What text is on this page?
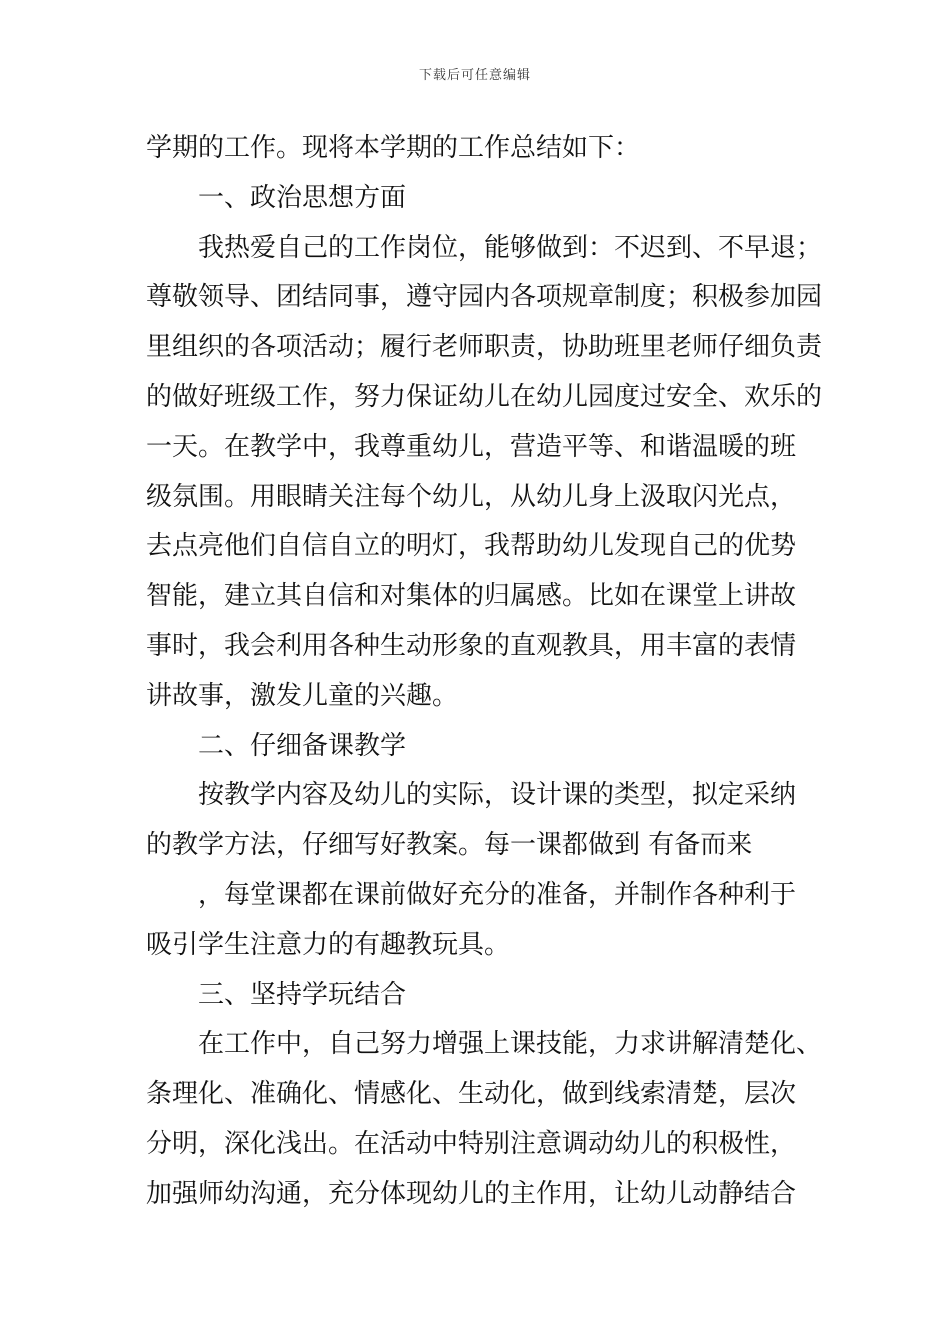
下载后可任意编辑
学期的工作。现将本学期的工作总结如下：
一、政治思想方面
我热爱自己的工作岗位，能够做到：不迟到、不早退；
尊敬领导、团结同事，遵守园内各项规章制度；积极参加园
里组织的各项活动；履行老师职责，协助班里老师仔细负责
的做好班级工作，努力保证幼儿在幼儿园度过安全、欢乐的
一天。在教学中，我尊重幼儿，营造平等、和谐温暖的班
级氛围。用眼睛关注每个幼儿，从幼儿身上汲取闪光点，
去点亮他们自信自立的明灯，我帮助幼儿发现自己的优势
智能，建立其自信和对集体的归属感。比如在课堂上讲故
事时，我会利用各种生动形象的直观教具，用丰富的表情
讲故事，激发儿童的兴趣。
二、仔细备课教学
按教学内容及幼儿的实际，设计课的类型，拟定采纳
的教学方法，仔细写好教案。每一课都做到 有备而来
，每堂课都在课前做好充分的准备，并制作各种利于
吸引学生注意力的有趣教玩具。
三、坚持学玩结合
在工作中，自己努力增强上课技能，力求讲解清楚化、
条理化、准确化、情感化、生动化，做到线索清楚，层次
分明，深化浅出。在活动中特别注意调动幼儿的积极性，
加强师幼沟通，充分体现幼儿的主作用，让幼儿动静结合
